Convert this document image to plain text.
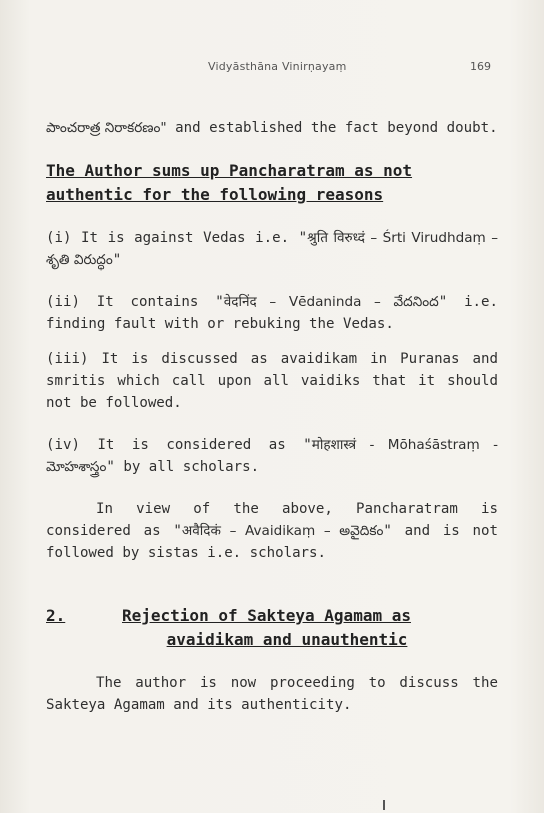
Vidyāsthāna Vinirṇayaṃ	169

పాంచరాత్ర నిరాకరణం" and established the fact beyond doubt.

The Author sums up Pancharatram as not authentic for the following reasons

(i) It is against Vedas i.e. "श्रुति विरुध्दं – Śrti Virudhdaṃ – శృతి విరుద్ధం"

(ii) It contains "वेदनिंद – Vēdaninda – వేదనింద" i.e. finding fault with or rebuking the Vedas.

(iii) It is discussed as avaidikam in Puranas and smritis which call upon all vaidiks that it should not be followed.

(iv) It is considered as "मोहशास्त्रं - Mōhaśāstraṃ - మోహశాస్త్రం" by all scholars.

In view of the above, Pancharatram is considered as "अवैदिकं – Avaidikaṃ – అవైదికం" and is not followed by sistas i.e. scholars.

2.	Rejection of Sakteya Agamam as
avaidikam and unauthentic

The author is now proceeding to discuss the Sakteya Agamam and its authenticity.
